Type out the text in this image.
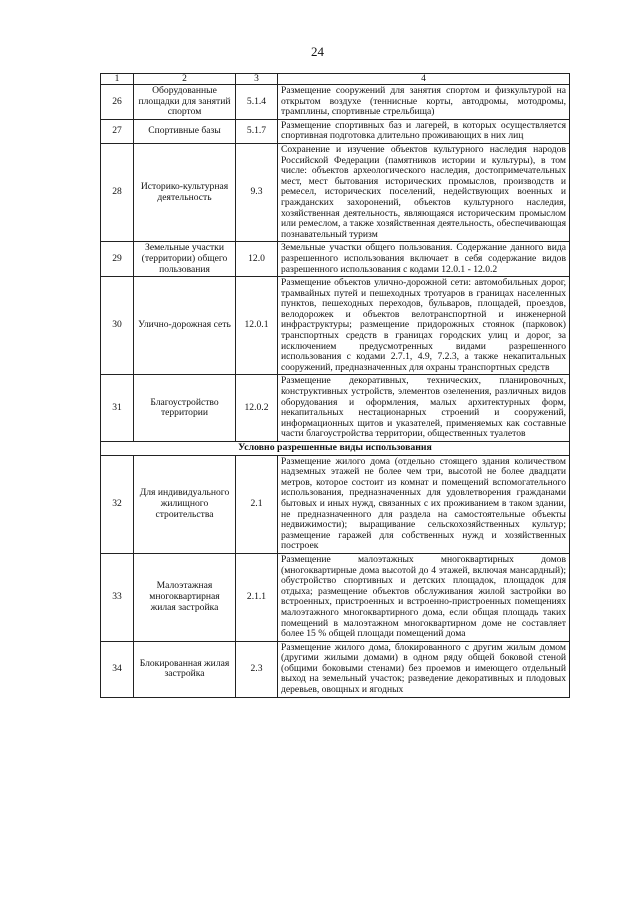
24
1	2	3	4
26	Оборудованные площадки для занятий спортом	5.1.4	Размещение сооружений для занятия спортом и физкультурой на открытом воздухе (теннисные корты, автодромы, мотодромы, трамплины, спортивные стрельбища)
27	Спортивные базы	5.1.7	Размещение спортивных баз и лагерей, в которых осуществляется спортивная подготовка длительно проживающих в них лиц
28	Историко-культурная деятельность	9.3	Сохранение и изучение объектов культурного наследия народов Российской Федерации (памятников истории и культуры), в том числе: объектов археологического наследия, достопримечательных мест, мест бытования исторических промыслов, производств и ремесел, исторических поселений, недействующих военных и гражданских захоронений, объектов культурного наследия, хозяйственная деятельность, являющаяся историческим промыслом или ремеслом, а также хозяйственная деятельность, обеспечивающая познавательный туризм
29	Земельные участки (территории) общего пользования	12.0	Земельные участки общего пользования. Содержание данного вида разрешенного использования включает в себя содержание видов разрешенного использования с кодами 12.0.1 - 12.0.2
30	Улично-дорожная сеть	12.0.1	Размещение объектов улично-дорожной сети: автомобильных дорог, трамвайных путей и пешеходных тротуаров в границах населенных пунктов, пешеходных переходов, бульваров, площадей, проездов, велодорожек и объектов велотранспортной и инженерной инфраструктуры; размещение придорожных стоянок (парковок) транспортных средств в границах городских улиц и дорог, за исключением предусмотренных видами разрешенного использования с кодами 2.7.1, 4.9, 7.2.3, а также некапитальных сооружений, предназначенных для охраны транспортных средств
31	Благоустройство территории	12.0.2	Размещение декоративных, технических, планировочных, конструктивных устройств, элементов озеленения, различных видов оборудования и оформления, малых архитектурных форм, некапитальных нестационарных строений и сооружений, информационных щитов и указателей, применяемых как составные части благоустройства территории, общественных туалетов
Условно разрешенные виды использования			
32	Для индивидуального жилищного строительства	2.1	Размещение жилого дома (отдельно стоящего здания количеством надземных этажей не более чем три, высотой не более двадцати метров, которое состоит из комнат и помещений вспомогательного использования, предназначенных для удовлетворения гражданами бытовых и иных нужд, связанных с их проживанием в таком здании, не предназначенного для раздела на самостоятельные объекты недвижимости); выращивание сельскохозяйственных культур; размещение гаражей для собственных нужд и хозяйственных построек
33	Малоэтажная многоквартирная жилая застройка	2.1.1	Размещение малоэтажных многоквартирных домов (многоквартирные дома высотой до 4 этажей, включая мансардный); обустройство спортивных и детских площадок, площадок для отдыха; размещение объектов обслуживания жилой застройки во встроенных, пристроенных и встроенно-пристроенных помещениях малоэтажного многоквартирного дома, если общая площадь таких помещений в малоэтажном многоквартирном доме не составляет более 15 % общей площади помещений дома
34	Блокированная жилая застройка	2.3	Размещение жилого дома, блокированного с другим жилым домом (другими жилыми домами) в одном ряду общей боковой стеной (общими боковыми стенами) без проемов и имеющего отдельный выход на земельный участок; разведение декоративных и плодовых деревьев, овощных и ягодных
